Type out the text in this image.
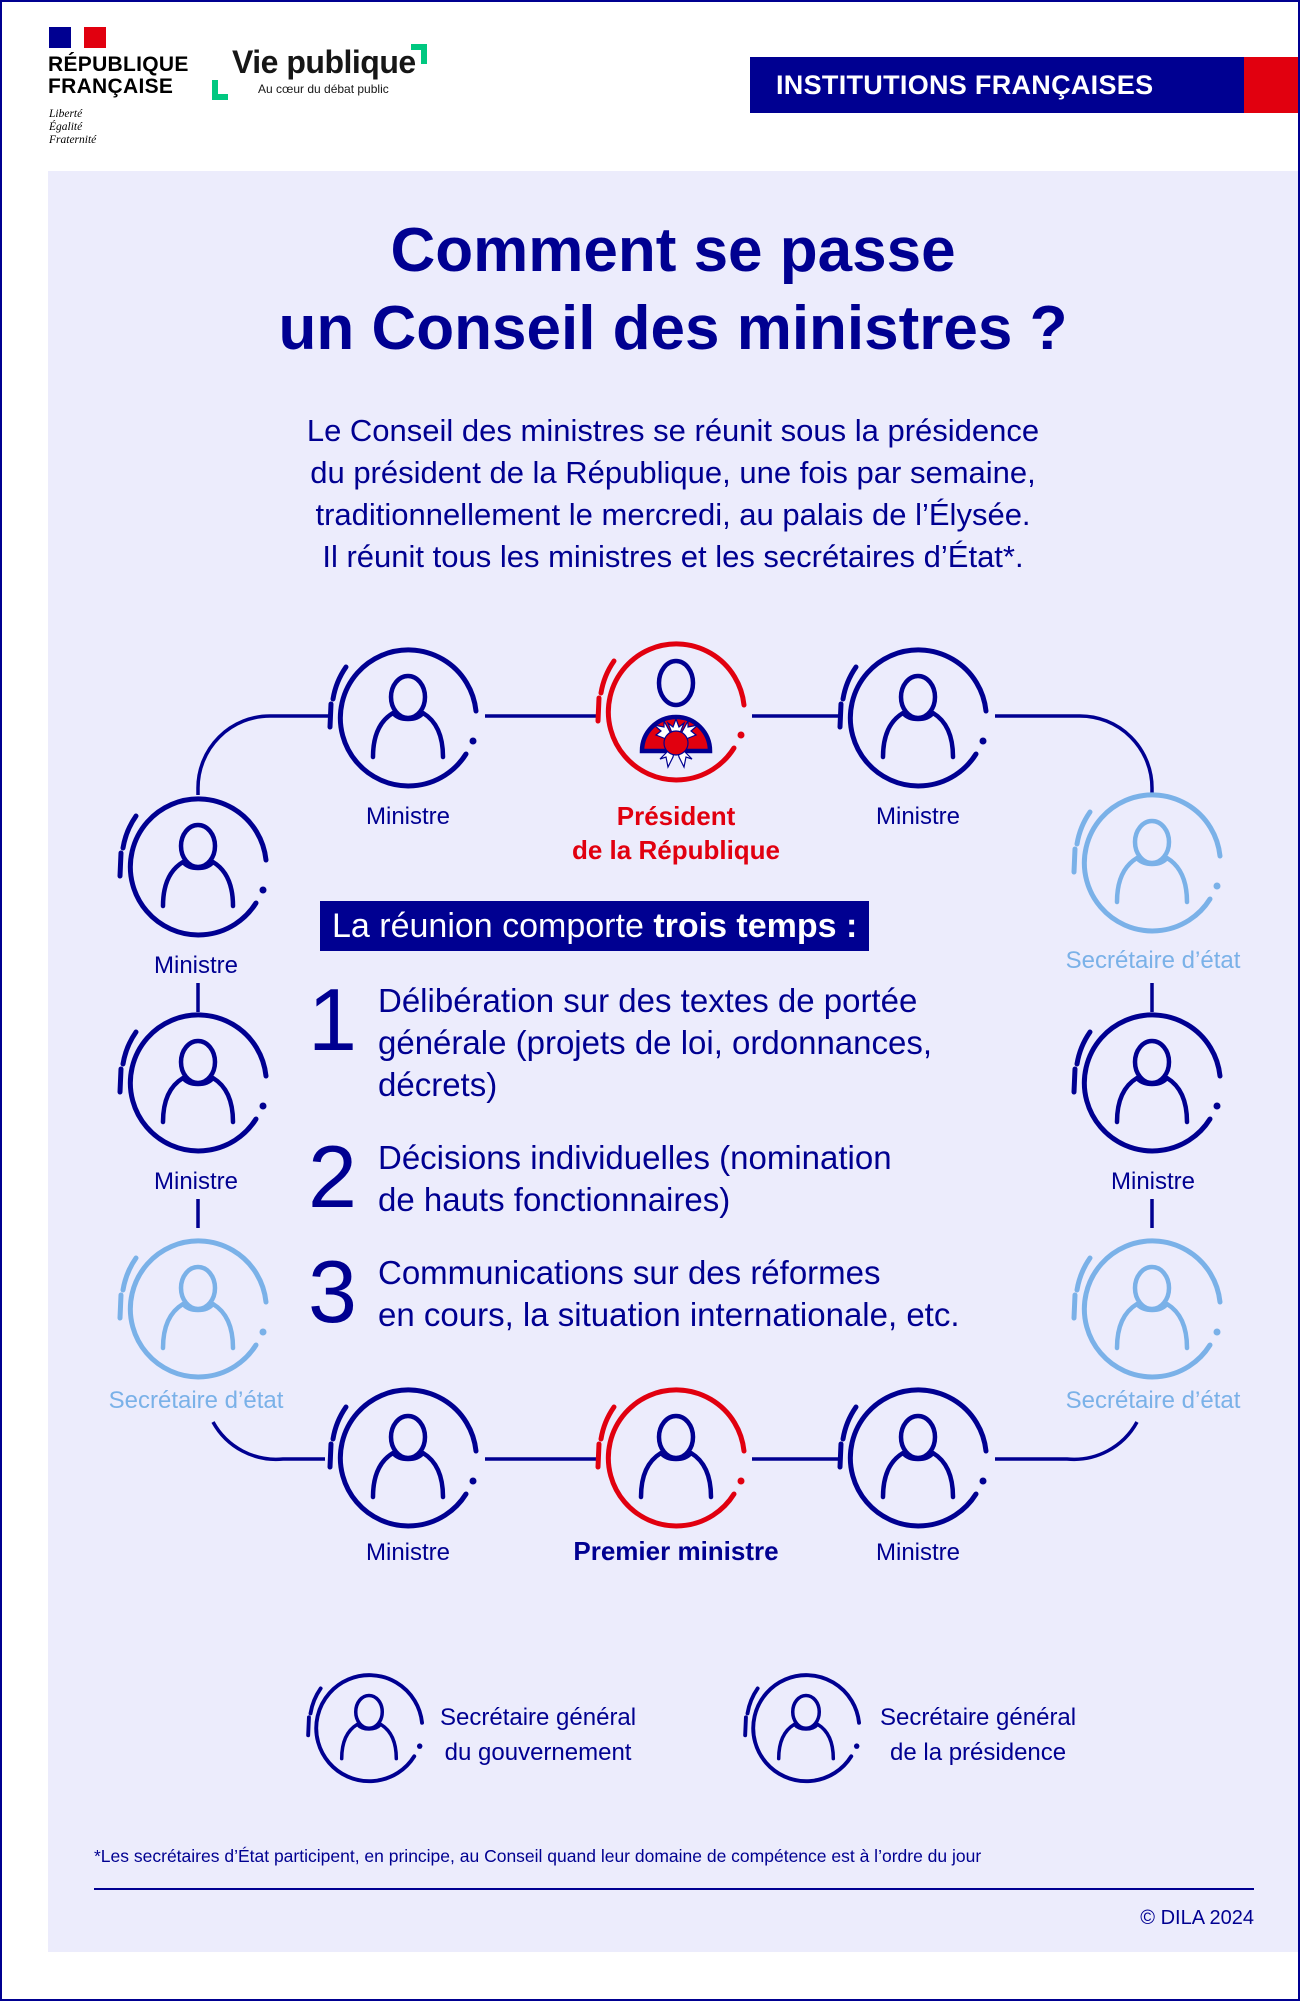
RÉPUBLIQUE
FRANÇAISE
Liberté
Égalité
Fraternité
Vie publique
Au cœur du débat public	INSTITUTIONS FRANÇAISES
Comment se passe
un Conseil des ministres ?
Le Conseil des ministres se réunit sous la présidence
du président de la République, une fois par semaine,
traditionnellement le mercredi, au palais de l’Élysée.
Il réunit tous les ministres et les secrétaires d’État*.
Ministre	Président
de la République
Ministre
Ministre
Ministre
Secrétaire d’état
Secrétaire d’état
Ministre
Secrétaire d’état
Ministre	Premier ministre	Ministre
La réunion comporte trois temps :
1 Délibération sur des textes de portée
générale (projets de loi, ordonnances,
décrets)
2 Décisions individuelles (nomination
de hauts fonctionnaires)
3 Communications sur des réformes
en cours, la situation internationale, etc.
Secrétaire général
du gouvernement
Secrétaire général
de la présidence
*Les secrétaires d’État participent, en principe, au Conseil quand leur domaine de compétence est à l’ordre du jour
© DILA 2024
